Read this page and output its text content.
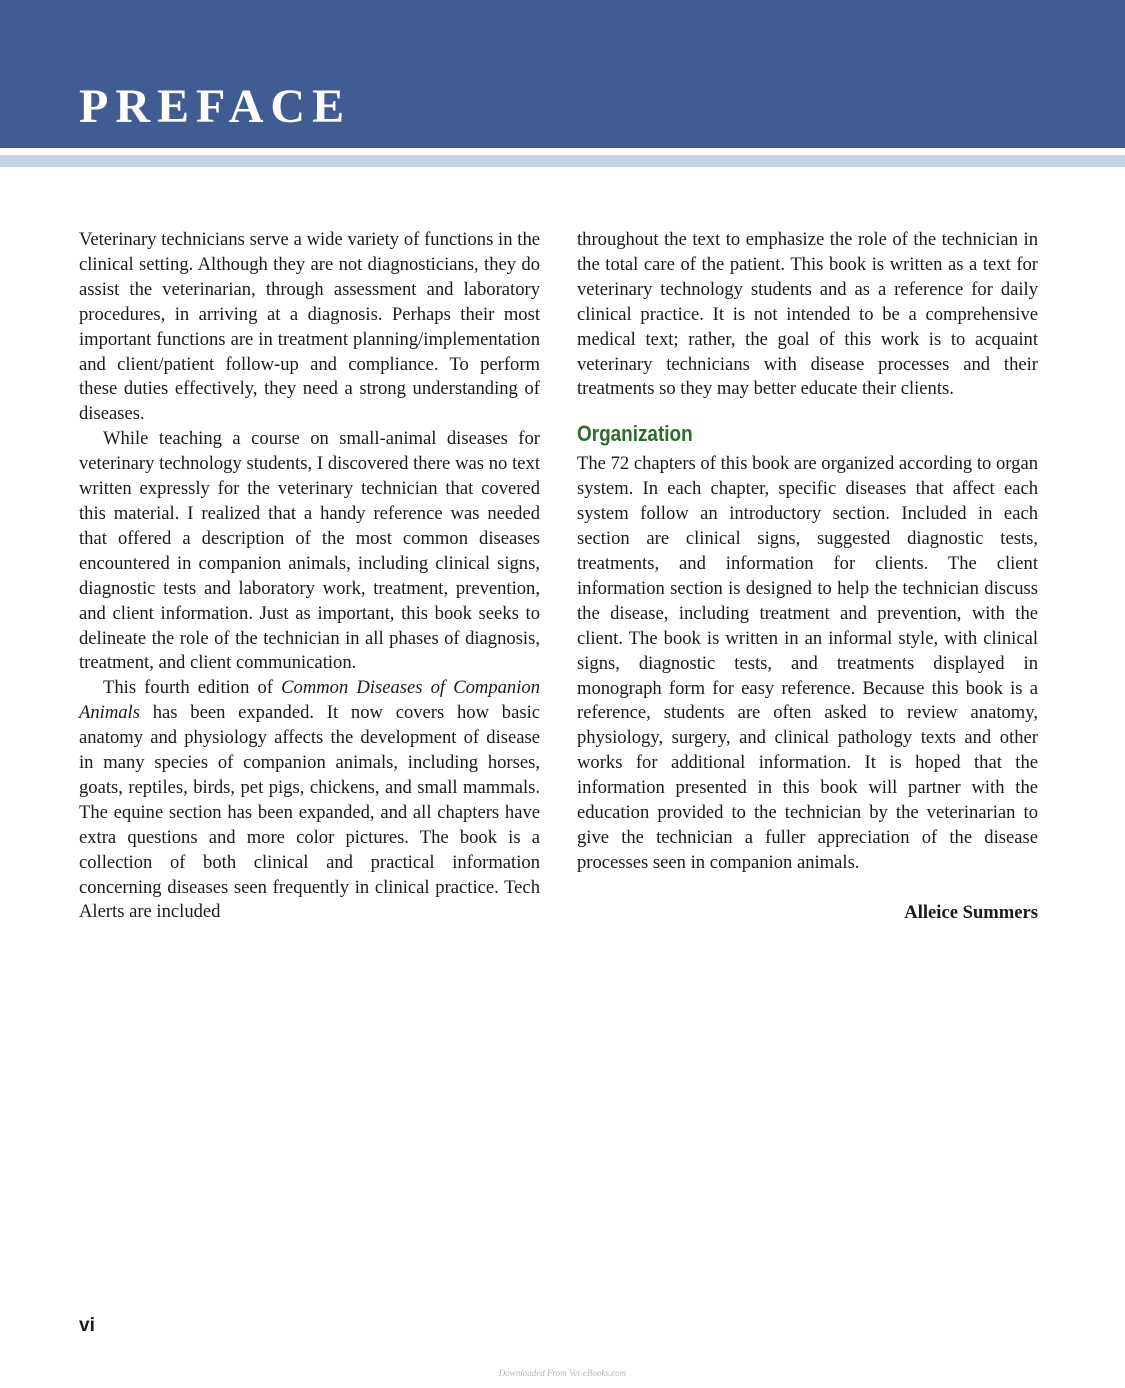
PREFACE

Veterinary technicians serve a wide variety of functions in the clinical setting. Although they are not diagnosticians, they do assist the veterinarian, through assessment and laboratory procedures, in arriving at a diagnosis. Perhaps their most important functions are in treatment planning/implementation and client/​patient follow-up and compliance. To perform these duties effectively, they need a strong understanding of diseases.

While teaching a course on small-animal diseases for veterinary technology students, I discovered there was no text written expressly for the veterinary technician that covered this material. I realized that a handy reference was needed that offered a description of the most common diseases encountered in companion animals, including clinical signs, diagnostic tests and laboratory work, treatment, prevention, and client information. Just as important, this book seeks to delineate the role of the technician in all phases of diagnosis, treatment, and client communication.

This fourth edition of Common Diseases of Companion Animals has been expanded. It now covers how basic anatomy and physiology affects the development of disease in many species of companion animals, including horses, goats, reptiles, birds, pet pigs, chickens, and small mammals. The equine section has been expanded, and all chapters have extra questions and more color pictures. The book is a collection of both clinical and practical information concerning diseases seen frequently in clinical practice. Tech Alerts are included

throughout the text to emphasize the role of the technician in the total care of the patient. This book is written as a text for veterinary technology students and as a reference for daily clinical practice. It is not intended to be a comprehensive medical text; rather, the goal of this work is to acquaint veterinary technicians with disease processes and their treatments so they may better educate their clients.

Organization

The 72 chapters of this book are organized according to organ system. In each chapter, specific diseases that affect each system follow an introductory section. Included in each section are clinical signs, suggested diagnostic tests, treatments, and information for clients. The client information section is designed to help the technician discuss the disease, including treatment and prevention, with the client. The book is written in an informal style, with clinical signs, diagnostic tests, and treatments displayed in monograph form for easy reference. Because this book is a reference, students are often asked to review anatomy, physiology, surgery, and clinical pathology texts and other works for additional information. It is hoped that the information presented in this book will partner with the education provided to the technician by the veterinarian to give the technician a fuller appreciation of the disease processes seen in companion animals.

Alleice Summers
vi
Downloaded From Vet-eBooks.com
